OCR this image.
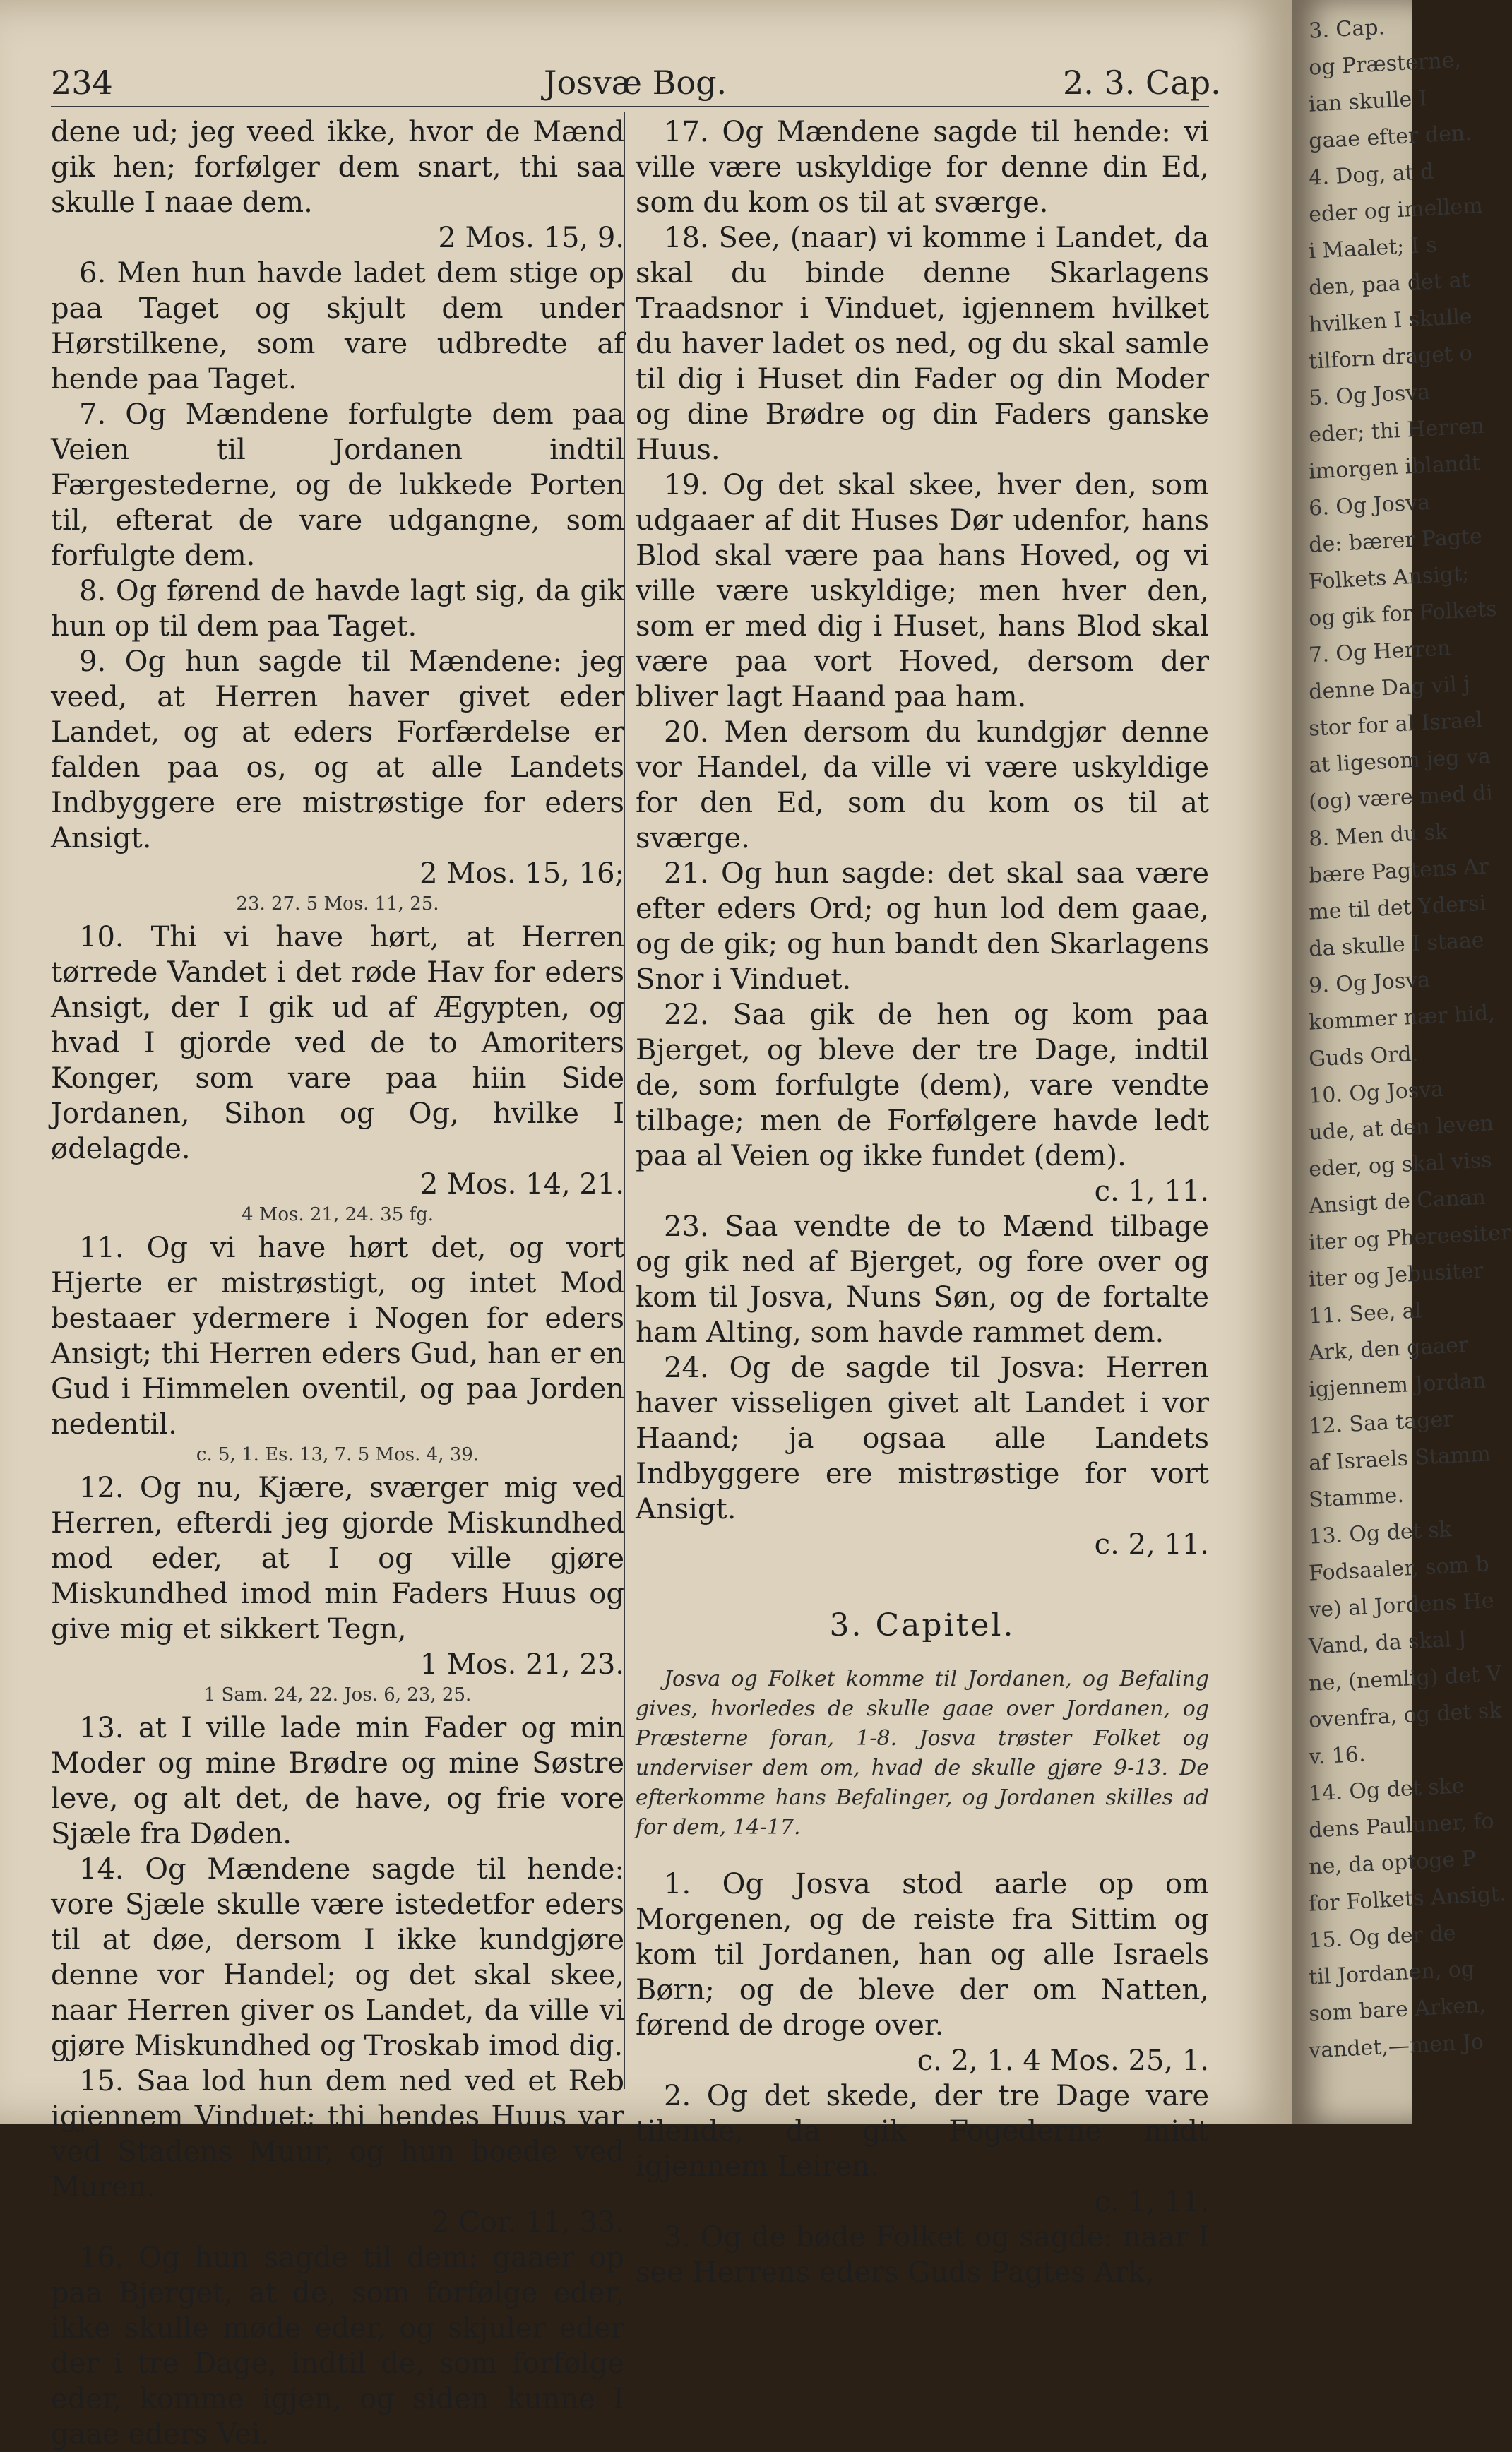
234	Josvæ Bog.	2. 3. Cap.

dene ud; jeg veed ikke, hvor de Mænd gik hen; forfølger dem snart, thi saa skulle I naae dem.

2 Mos. 15, 9.

6. Men hun havde ladet dem stige op paa Taget og skjult dem under Hørstilkene, som vare udbredte af hende paa Taget.

7. Og Mændene forfulgte dem paa Veien til Jordanen indtil Færgestederne, og de lukkede Porten til, efterat de vare udgangne, som forfulgte dem.

8. Og førend de havde lagt sig, da gik hun op til dem paa Taget.

9. Og hun sagde til Mændene: jeg veed, at Herren haver givet eder Landet, og at eders Forfærdelse er falden paa os, og at alle Landets Indbyggere ere mistrøstige for eders Ansigt.

2 Mos. 15, 16;

23. 27. 5 Mos. 11, 25.

10. Thi vi have hørt, at Herren tørrede Vandet i det røde Hav for eders Ansigt, der I gik ud af Ægypten, og hvad I gjorde ved de to Amoriters Konger, som vare paa hiin Side Jordanen, Sihon og Og, hvilke I ødelagde.

2 Mos. 14, 21.

4 Mos. 21, 24. 35 fg.

11. Og vi have hørt det, og vort Hjerte er mistrøstigt, og intet Mod bestaaer ydermere i Nogen for eders Ansigt; thi Herren eders Gud, han er en Gud i Himmelen oventil, og paa Jorden nedentil.

c. 5, 1. Es. 13, 7. 5 Mos. 4, 39.

12. Og nu, Kjære, sværger mig ved Herren, efterdi jeg gjorde Miskundhed mod eder, at I og ville gjøre Miskundhed imod min Faders Huus og give mig et sikkert Tegn,

1 Mos. 21, 23.

1 Sam. 24, 22. Jos. 6, 23, 25.

13. at I ville lade min Fader og min Moder og mine Brødre og mine Søstre leve, og alt det, de have, og frie vore Sjæle fra Døden.

14. Og Mændene sagde til hende: vore Sjæle skulle være istedetfor eders til at døe, dersom I ikke kundgjøre denne vor Handel; og det skal skee, naar Herren giver os Landet, da ville vi gjøre Miskundhed og Troskab imod dig.

15. Saa lod hun dem ned ved et Reb igjennem Vinduet; thi hendes Huus var ved Stadens Muur, og hun boede ved Muren.

2 Cor. 11, 33.

16. Og hun sagde til dem: gaaer op paa Bjerget, at de, som forfølge eder, ikke skulle møde eder, og skjuler eder der i tre Dage, indtil de, som forfølge eder, komme igjen, og siden kunne I gaae eders Vei.

17. Og Mændene sagde til hende: vi ville være uskyldige for denne din Ed, som du kom os til at sværge.

18. See, (naar) vi komme i Landet, da skal du binde denne Skarlagens Traadsnor i Vinduet, igjennem hvilket du haver ladet os ned, og du skal samle til dig i Huset din Fader og din Moder og dine Brødre og din Faders ganske Huus.

19. Og det skal skee, hver den, som udgaaer af dit Huses Dør udenfor, hans Blod skal være paa hans Hoved, og vi ville være uskyldige; men hver den, som er med dig i Huset, hans Blod skal være paa vort Hoved, dersom der bliver lagt Haand paa ham.

20. Men dersom du kundgjør denne vor Handel, da ville vi være uskyldige for den Ed, som du kom os til at sværge.

21. Og hun sagde: det skal saa være efter eders Ord; og hun lod dem gaae, og de gik; og hun bandt den Skarlagens Snor i Vinduet.

22. Saa gik de hen og kom paa Bjerget, og bleve der tre Dage, indtil de, som forfulgte (dem), vare vendte tilbage; men de Forfølgere havde ledt paa al Veien og ikke fundet (dem).

c. 1, 11.

23. Saa vendte de to Mænd tilbage og gik ned af Bjerget, og fore over og kom til Josva, Nuns Søn, og de fortalte ham Alting, som havde rammet dem.

24. Og de sagde til Josva: Herren haver visseligen givet alt Landet i vor Haand; ja ogsaa alle Landets Indbyggere ere mistrøstige for vort Ansigt.

c. 2, 11.

3. Capitel.

Josva og Folket komme til Jordanen, og Befaling gives, hvorledes de skulle gaae over Jordanen, og Præsterne foran, 1-8. Josva trøster Folket og underviser dem om, hvad de skulle gjøre 9-13. De efterkomme hans Befalinger, og Jordanen skilles ad for dem, 14-17.

1. Og Josva stod aarle op om Morgenen, og de reiste fra Sittim og kom til Jordanen, han og alle Israels Børn; og de bleve der om Natten, førend de droge over.

c. 2, 1. 4 Mos. 25, 1.

2. Og det skede, der tre Dage vare tilende, da gik Fogederne midt igjennem Leiren.

c. 1, 11.

3. Og de bøde Folket og sagde: naar I see Herrens eders Guds Pagtes Ark,

3. Cap.
og Præsterne,
ian skulle I
gaae efter den.
4. Dog, at d
eder og imellem
i Maalet; I s
den, paa det at
hvilken I skulle
tilforn draget o
5. Og Josva
eder; thi Herren
imorgen iblandt
6. Og Josva
de: bærer Pagte
Folkets Ansigt;
og gik for Folkets
7. Og Herren
denne Dag vil j
stor for al Israel
at ligesom jeg va
(og) være med di
8. Men du sk
bære Pagtens Ar
me til det Ydersi
da skulle I staae
9. Og Josva
kommer nær hid,
Guds Ord.
10. Og Josva
ude, at den leven
eder, og skal viss
Ansigt de Canan
iter og Phereesiter
iter og Jebusiter
11. See, al
Ark, den gaaer
igjennem Jordan
12. Saa tager
af Israels Stamm
Stamme.
13. Og det sk
Fodsaaler, som b
ve) al Jordens He
Vand, da skal J
ne, (nemlig) det V
ovenfra, og det sk
v. 16.
14. Og det ske
dens Pauluner, fo
ne, da optoge P
for Folkets Ansigt.
15. Og der de
til Jordanen, og
som bare Arken,
vandet,—men Jo
